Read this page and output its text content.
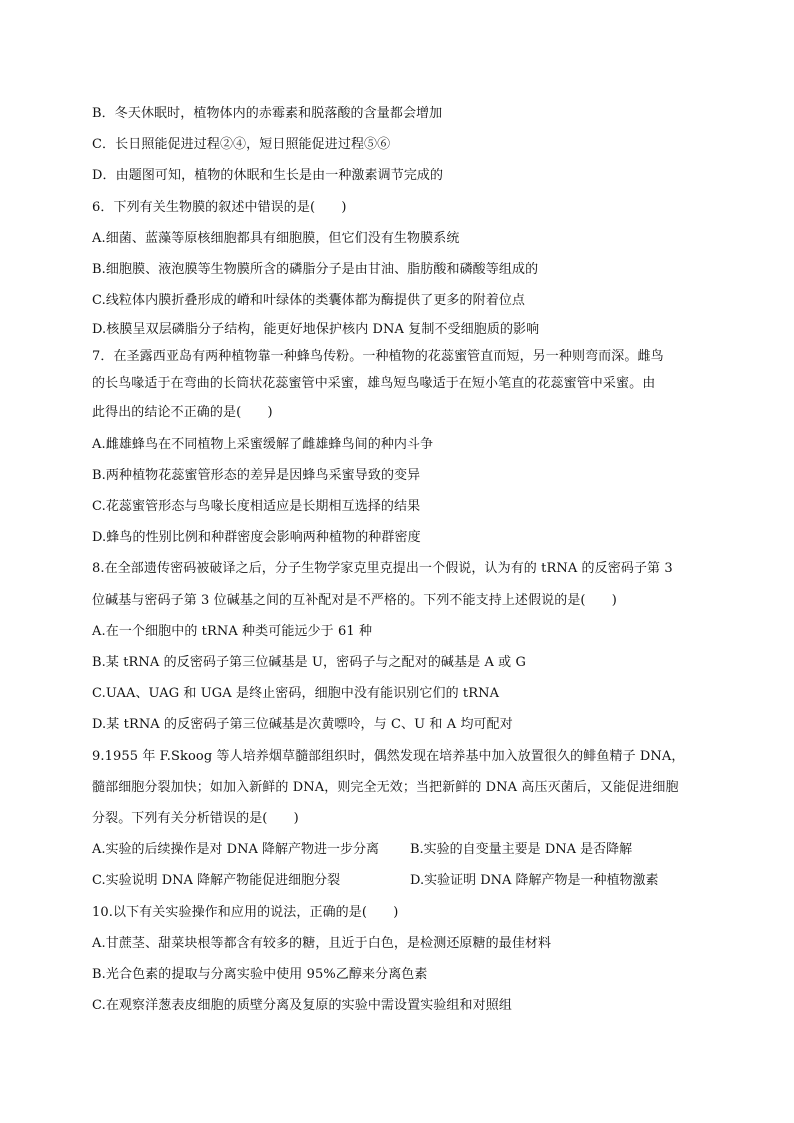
B．冬天休眠时，植物体内的赤霉素和脱落酸的含量都会增加
C．长日照能促进过程②④，短日照能促进过程⑤⑥
D．由题图可知，植物的休眠和生长是由一种激素调节完成的
6．下列有关生物膜的叙述中错误的是(　　)
A.细菌、蓝藻等原核细胞都具有细胞膜，但它们没有生物膜系统
B.细胞膜、液泡膜等生物膜所含的磷脂分子是由甘油、脂肪酸和磷酸等组成的
C.线粒体内膜折叠形成的嵴和叶绿体的类囊体都为酶提供了更多的附着位点
D.核膜呈双层磷脂分子结构，能更好地保护核内 DNA 复制不受细胞质的影响
7．在圣露西亚岛有两种植物靠一种蜂鸟传粉。一种植物的花蕊蜜管直而短，另一种则弯而深。雌鸟
的长鸟喙适于在弯曲的长筒状花蕊蜜管中采蜜，雄鸟短鸟喙适于在短小笔直的花蕊蜜管中采蜜。由
此得出的结论不正确的是(　　)
A.雌雄蜂鸟在不同植物上采蜜缓解了雌雄蜂鸟间的种内斗争
B.两种植物花蕊蜜管形态的差异是因蜂鸟采蜜导致的变异
C.花蕊蜜管形态与鸟喙长度相适应是长期相互选择的结果
D.蜂鸟的性别比例和种群密度会影响两种植物的种群密度
8.在全部遗传密码被破译之后，分子生物学家克里克提出一个假说，认为有的 tRNA 的反密码子第 3
位碱基与密码子第 3 位碱基之间的互补配对是不严格的。下列不能支持上述假说的是(　　)
A.在一个细胞中的 tRNA 种类可能远少于 61 种
B.某 tRNA 的反密码子第三位碱基是 U，密码子与之配对的碱基是 A 或 G
C.UAA、UAG 和 UGA 是终止密码，细胞中没有能识别它们的 tRNA
D.某 tRNA 的反密码子第三位碱基是次黄嘌呤，与 C、U 和 A 均可配对
9.1955 年 F.Skoog 等人培养烟草髓部组织时，偶然发现在培养基中加入放置很久的鲱鱼精子 DNA，
髓部细胞分裂加快；如加入新鲜的 DNA，则完全无效；当把新鲜的 DNA 高压灭菌后，又能促进细胞
分裂。下列有关分析错误的是(　　)
A.实验的后续操作是对 DNA 降解产物进一步分离	B.实验的自变量主要是 DNA 是否降解
C.实验说明 DNA 降解产物能促进细胞分裂	D.实验证明 DNA 降解产物是一种植物激素
10.以下有关实验操作和应用的说法，正确的是(　　)
A.甘蔗茎、甜菜块根等都含有较多的糖，且近于白色，是检测还原糖的最佳材料
B.光合色素的提取与分离实验中使用 95%乙醇来分离色素
C.在观察洋葱表皮细胞的质壁分离及复原的实验中需设置实验组和对照组
